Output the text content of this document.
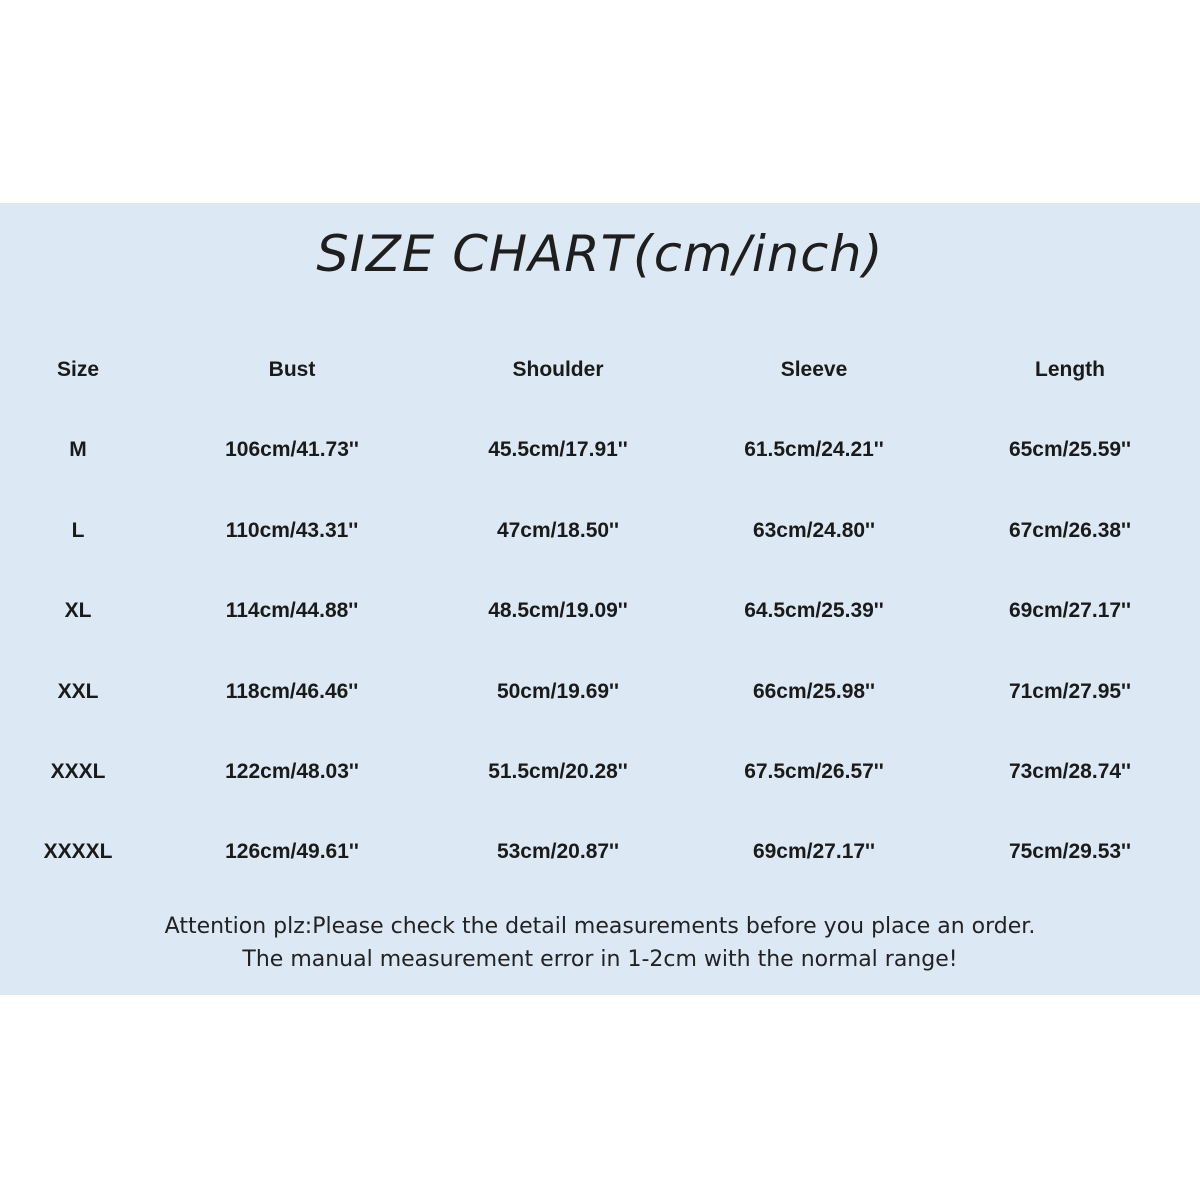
SIZE CHART(cm/inch)
Size	Bust	Shoulder	Sleeve	Length
M	106cm/41.73''	45.5cm/17.91''	61.5cm/24.21''	65cm/25.59''
L	110cm/43.31''	47cm/18.50''	63cm/24.80''	67cm/26.38''
XL	114cm/44.88''	48.5cm/19.09''	64.5cm/25.39''	69cm/27.17''
XXL	118cm/46.46''	50cm/19.69''	66cm/25.98''	71cm/27.95''
XXXL	122cm/48.03''	51.5cm/20.28''	67.5cm/26.57''	73cm/28.74''
XXXXL	126cm/49.61''	53cm/20.87''	69cm/27.17''	75cm/29.53''
Attention plz:Please check the detail measurements before you place an order.
The manual measurement error in 1-2cm with the normal range!
